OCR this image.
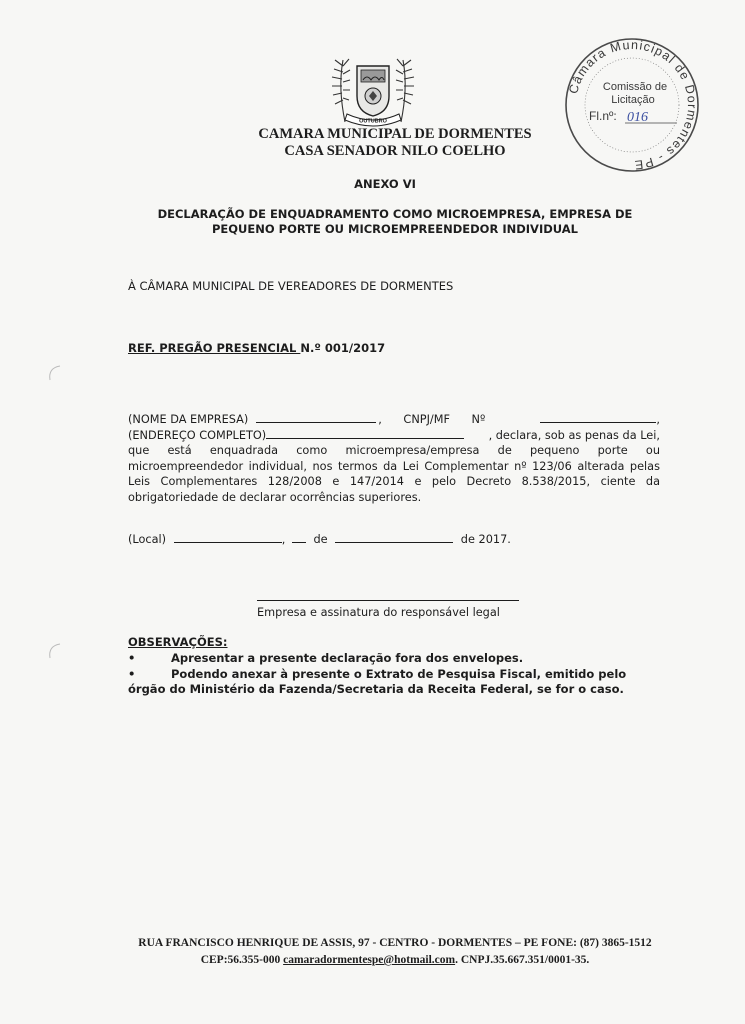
OUTUBRO
CAMARA MUNICIPAL DE DORMENTES
CASA SENADOR NILO COELHO
Câmara Municipal de Dormentes - PE
Comissão de
Licitação
Fl.nº: 016
ANEXO VI
DECLARAÇÃO DE ENQUADRAMENTO COMO MICROEMPRESA, EMPRESA DE
PEQUENO PORTE OU MICROEMPREENDEDOR INDIVIDUAL
À CÂMARA MUNICIPAL DE VEREADORES DE DORMENTES
REF. PREGÃO PRESENCIAL N.º 001/2017

(NOME DA EMPRESA)	, CNPJ/MF Nº	,

(ENDEREÇO COMPLETO)	, declara, sob as penas da Lei,

que está enquadrada como microempresa/empresa de pequeno porte ou microempreendedor individual, nos termos da Lei Complementar nº 123/06 alterada pelas Leis Complementares 128/2008 e 147/2014 e pelo Decreto 8.538/2015, ciente da obrigatoriedade de declarar ocorrências superiores.

(Local)	, de	de 2017.
Empresa e assinatura do responsável legal
OBSERVAÇÕES:
•	Apresentar a presente declaração fora dos envelopes.
•	Podendo anexar à presente o Extrato de Pesquisa Fiscal, emitido pelo
órgão do Ministério da Fazenda/Secretaria da Receita Federal, se for o caso.
RUA FRANCISCO HENRIQUE DE ASSIS, 97 - CENTRO - DORMENTES – PE FONE: (87) 3865-1512
CEP:56.355-000 camaradormentespe@hotmail.com. CNPJ.35.667.351/0001-35.
